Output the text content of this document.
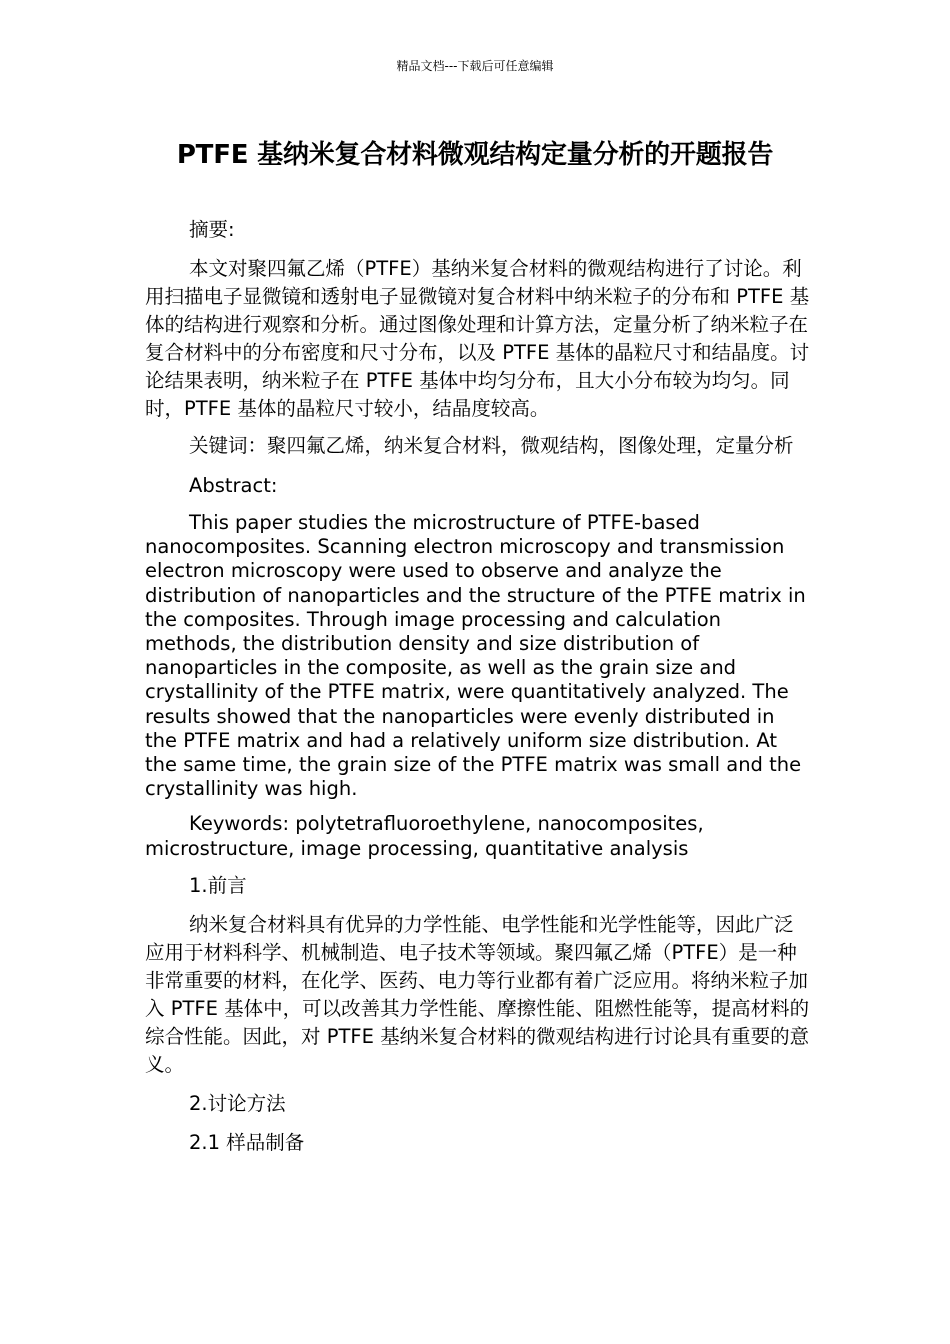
精品文档---下载后可任意编辑
PTFE 基纳米复合材料微观结构定量分析的开题报告

摘要:

本文对聚四氟乙烯（PTFE）基纳米复合材料的微观结构进行了讨论。利用扫描电子显微镜和透射电子显微镜对复合材料中纳米粒子的分布和 PTFE 基体的结构进行观察和分析。通过图像处理和计算方法，定量分析了纳米粒子在复合材料中的分布密度和尺寸分布，以及 PTFE 基体的晶粒尺寸和结晶度。讨论结果表明，纳米粒子在 PTFE 基体中均匀分布，且大小分布较为均匀。同时，PTFE 基体的晶粒尺寸较小，结晶度较高。

关键词：聚四氟乙烯，纳米复合材料，微观结构，图像处理，定量分析

Abstract:

This paper studies the microstructure of PTFE-based nanocomposites. Scanning electron microscopy and transmission electron microscopy were used to observe and analyze the distribution of nanoparticles and the structure of the PTFE matrix in the composites. Through image processing and calculation methods, the distribution density and size distribution of nanoparticles in the composite, as well as the grain size and crystallinity of the PTFE matrix, were quantitatively analyzed. The results showed that the nanoparticles were evenly distributed in the PTFE matrix and had a relatively uniform size distribution. At the same time, the grain size of the PTFE matrix was small and the crystallinity was high.

Keywords: polytetrafluoroethylene, nanocomposites, microstructure, image processing, quantitative analysis

1.前言

纳米复合材料具有优异的力学性能、电学性能和光学性能等，因此广泛应用于材料科学、机械制造、电子技术等领域。聚四氟乙烯（PTFE）是一种非常重要的材料，在化学、医药、电力等行业都有着广泛应用。将纳米粒子加入 PTFE 基体中，可以改善其力学性能、摩擦性能、阻燃性能等，提高材料的综合性能。因此，对 PTFE 基纳米复合材料的微观结构进行讨论具有重要的意义。

2.讨论方法

2.1 样品制备
